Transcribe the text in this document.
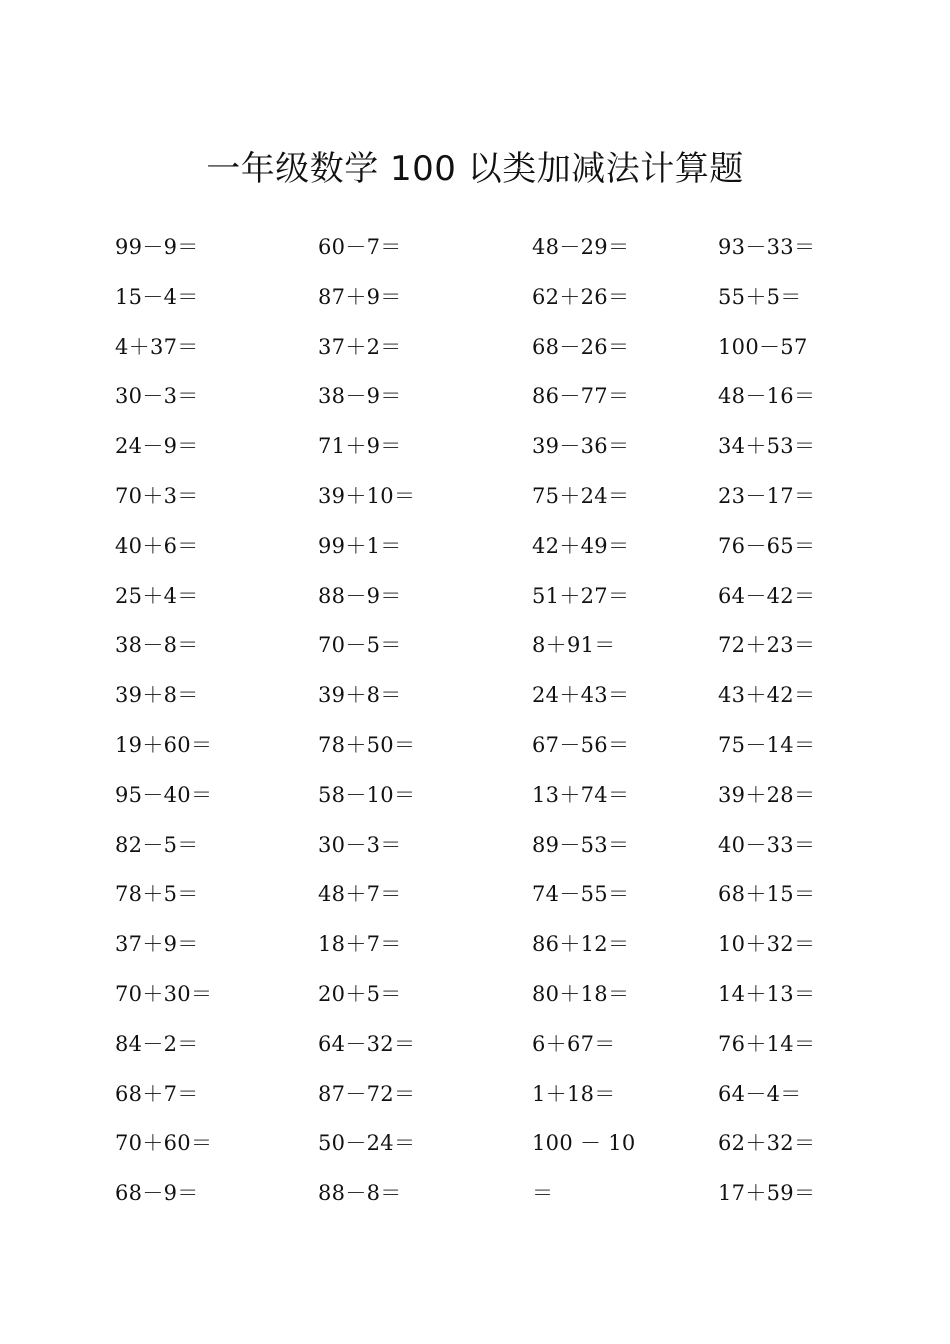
一年级数学 100 以类加减法计算题
99－9＝	60－7＝	48－29＝	93－33＝
15－4＝	87＋9＝	62＋26＝	55＋5＝
4＋37＝	37＋2＝	68－26＝	100－57
30－3＝	38－9＝	86－77＝	48－16＝
24－9＝	71＋9＝	39－36＝	34＋53＝
70＋3＝	39＋10＝	75＋24＝	23－17＝
40＋6＝	99＋1＝	42＋49＝	76－65＝
25＋4＝	88－9＝	51＋27＝	64－42＝
38－8＝	70－5＝	8＋91＝	72＋23＝
39＋8＝	39＋8＝	24＋43＝	43＋42＝
19＋60＝	78＋50＝	67－56＝	75－14＝
95－40＝	58－10＝	13＋74＝	39＋28＝
82－5＝	30－3＝	89－53＝	40－33＝
78＋5＝	48＋7＝	74－55＝	68＋15＝
37＋9＝	18＋7＝	86＋12＝	10＋32＝
70＋30＝	20＋5＝	80＋18＝	14＋13＝
84－2＝	64－32＝	6＋67＝	76＋14＝
68＋7＝	87－72＝	1＋18＝	64－4＝
70＋60＝	50－24＝	100 － 10	62＋32＝
68－9＝	88－8＝	＝	17＋59＝
